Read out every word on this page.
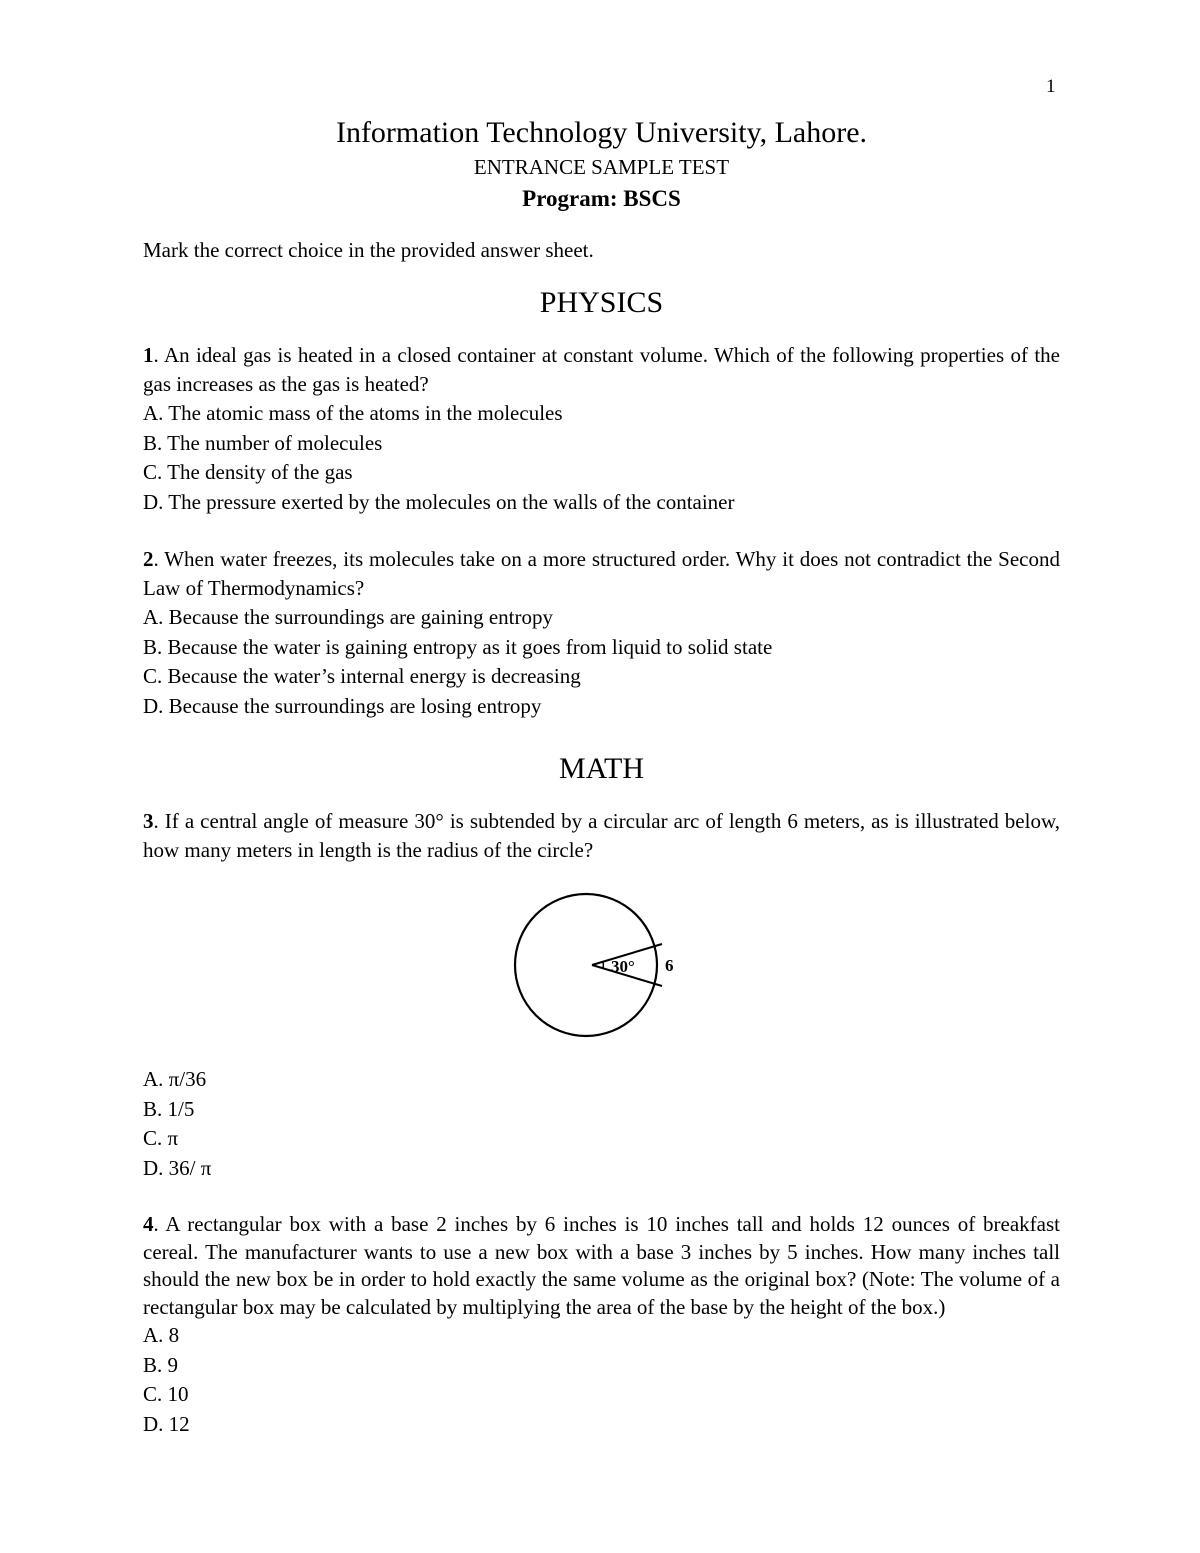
1
Information Technology University, Lahore.

ENTRANCE SAMPLE TEST

Program: BSCS

Mark the correct choice in the provided answer sheet.

PHYSICS

1. An ideal gas is heated in a closed container at constant volume. Which of the following properties of the gas increases as the gas is heated?

A. The atomic mass of the atoms in the molecules
B. The number of molecules
C. The density of the gas
D. The pressure exerted by the molecules on the walls of the container

2. When water freezes, its molecules take on a more structured order. Why it does not contradict the Second Law of Thermodynamics?

A. Because the surroundings are gaining entropy
B. Because the water is gaining entropy as it goes from liquid to solid state
C. Because the water’s internal energy is decreasing
D. Because the surroundings are losing entropy
MATH

3. If a central angle of measure 30° is subtended by a circular arc of length 6 meters, as is illustrated below, how many meters in length is the radius of the circle?

30° 6
A. π/36
B. 1/5
C. π
D. 36/ π

4. A rectangular box with a base 2 inches by 6 inches is 10 inches tall and holds 12 ounces of breakfast cereal. The manufacturer wants to use a new box with a base 3 inches by 5 inches. How many inches tall should the new box be in order to hold exactly the same volume as the original box? (Note: The volume of a rectangular box may be calculated by multiplying the area of the base by the height of the box.)

A. 8
B. 9
C. 10
D. 12
